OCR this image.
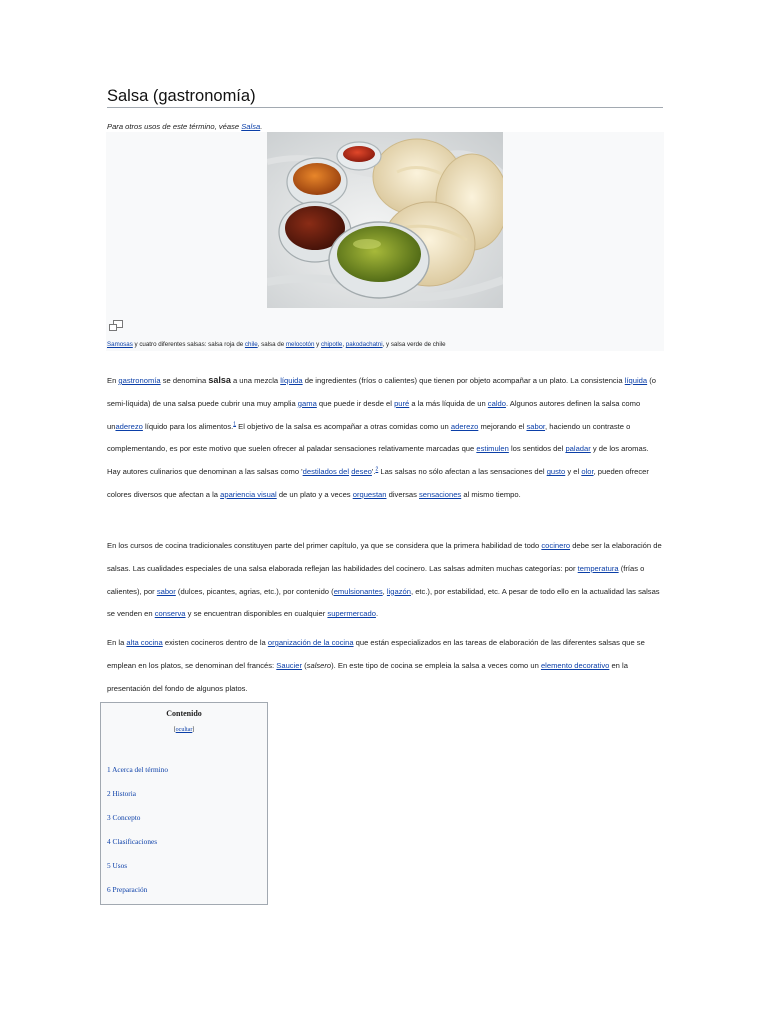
Salsa (gastronomía)
Para otros usos de este término, véase Salsa.
Samosas y cuatro diferentes salsas: salsa roja de chile, salsa de melocotón y chipotle, pakodachatni, y salsa verde de chile

En gastronomía se denomina salsa a una mezcla líquida de ingredientes (fríos o calientes) que tienen por objeto acompañar a un plato. La consistencia líquida (o semi-líquida) de una salsa puede cubrir una muy amplia gama que puede ir desde el puré a la más líquida de un caldo. Algunos autores definen la salsa como unaderezo líquido para los alimentos.$^1$ El objetivo de la salsa es acompañar a otras comidas como un aderezo mejorando el sabor, haciendo un contraste o complementando, es por este motivo que suelen ofrecer al paladar sensaciones relativamente marcadas que estimulen los sentidos del paladar y de los aromas. Hay autores culinarios que denominan a las salsas como 'destilados del deseo'.$^2$ Las salsas no sólo afectan a las sensaciones del gusto y el olor, pueden ofrecer colores diversos que afectan a la apariencia visual de un plato y a veces orquestan diversas sensaciones al mismo tiempo.

En los cursos de cocina tradicionales constituyen parte del primer capítulo, ya que se considera que la primera habilidad de todo cocinero debe ser la elaboración de salsas. Las cualidades especiales de una salsa elaborada reflejan las habilidades del cocinero. Las salsas admiten muchas categorías: por temperatura (frías o calientes), por sabor (dulces, picantes, agrias, etc.), por contenido (emulsionantes, ligazón, etc.), por estabilidad, etc. A pesar de todo ello en la actualidad las salsas se venden en conserva y se encuentran disponibles en cualquier supermercado.

En la alta cocina existen cocineros dentro de la organización de la cocina que están especializados en las tareas de elaboración de las diferentes salsas que se emplean en los platos, se denominan del francés: Saucier (salsero). En este tipo de cocina se empleia la salsa a veces como un elemento decorativo en la presentación del fondo de algunos platos.

Contenido
[ocultar]
1 Acerca del término
2 Historia
3 Concepto
4 Clasificaciones
5 Usos
6 Preparación
